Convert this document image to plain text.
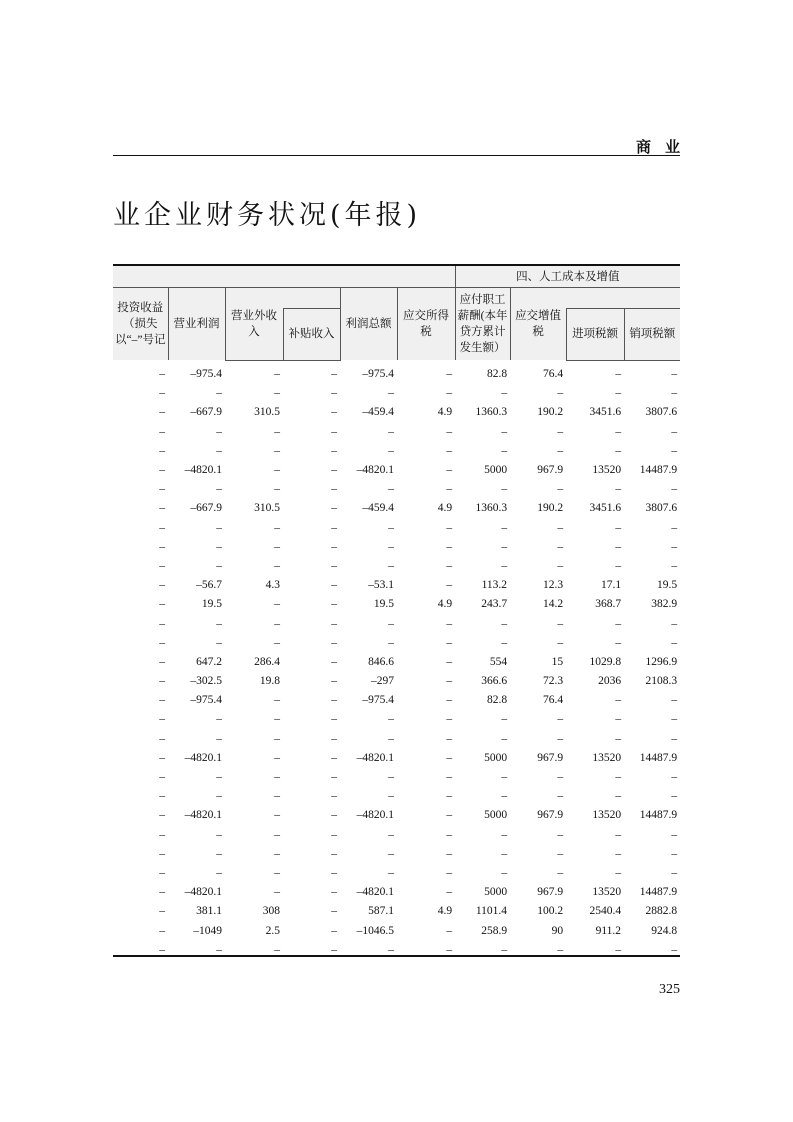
商业
业企业财务状况(年报)
						四、人工成本及增值			
投资收益（损失以“–”号记	营业利润	营业外收入		利润总额	应交所得税	应付职工薪酬(本年贷方累计发生额）	应交增值税		
			补贴收入					进项税额	销项税额
–	–975.4	–	–	–975.4	–	82.8	76.4	–	–
–	–	–	–	–	–	–	–	–	–
–	–667.9	310.5	–	–459.4	4.9	1360.3	190.2	3451.6	3807.6
–	–	–	–	–	–	–	–	–	–
–	–	–	–	–	–	–	–	–	–
–	–4820.1	–	–	–4820.1	–	5000	967.9	13520	14487.9
–	–	–	–	–	–	–	–	–	–
–	–667.9	310.5	–	–459.4	4.9	1360.3	190.2	3451.6	3807.6
–	–	–	–	–	–	–	–	–	–
–	–	–	–	–	–	–	–	–	–
–	–	–	–	–	–	–	–	–	–
–	–56.7	4.3	–	–53.1	–	113.2	12.3	17.1	19.5
–	19.5	–	–	19.5	4.9	243.7	14.2	368.7	382.9
–	–	–	–	–	–	–	–	–	–
–	–	–	–	–	–	–	–	–	–
–	647.2	286.4	–	846.6	–	554	15	1029.8	1296.9
–	–302.5	19.8	–	–297	–	366.6	72.3	2036	2108.3
–	–975.4	–	–	–975.4	–	82.8	76.4	–	–
–	–	–	–	–	–	–	–	–	–
–	–	–	–	–	–	–	–	–	–
–	–4820.1	–	–	–4820.1	–	5000	967.9	13520	14487.9
–	–	–	–	–	–	–	–	–	–
–	–	–	–	–	–	–	–	–	–
–	–4820.1	–	–	–4820.1	–	5000	967.9	13520	14487.9
–	–	–	–	–	–	–	–	–	–
–	–	–	–	–	–	–	–	–	–
–	–	–	–	–	–	–	–	–	–
–	–4820.1	–	–	–4820.1	–	5000	967.9	13520	14487.9
–	381.1	308	–	587.1	4.9	1101.4	100.2	2540.4	2882.8
–	–1049	2.5	–	–1046.5	–	258.9	90	911.2	924.8
–	–	–	–	–	–	–	–	–	–
325
